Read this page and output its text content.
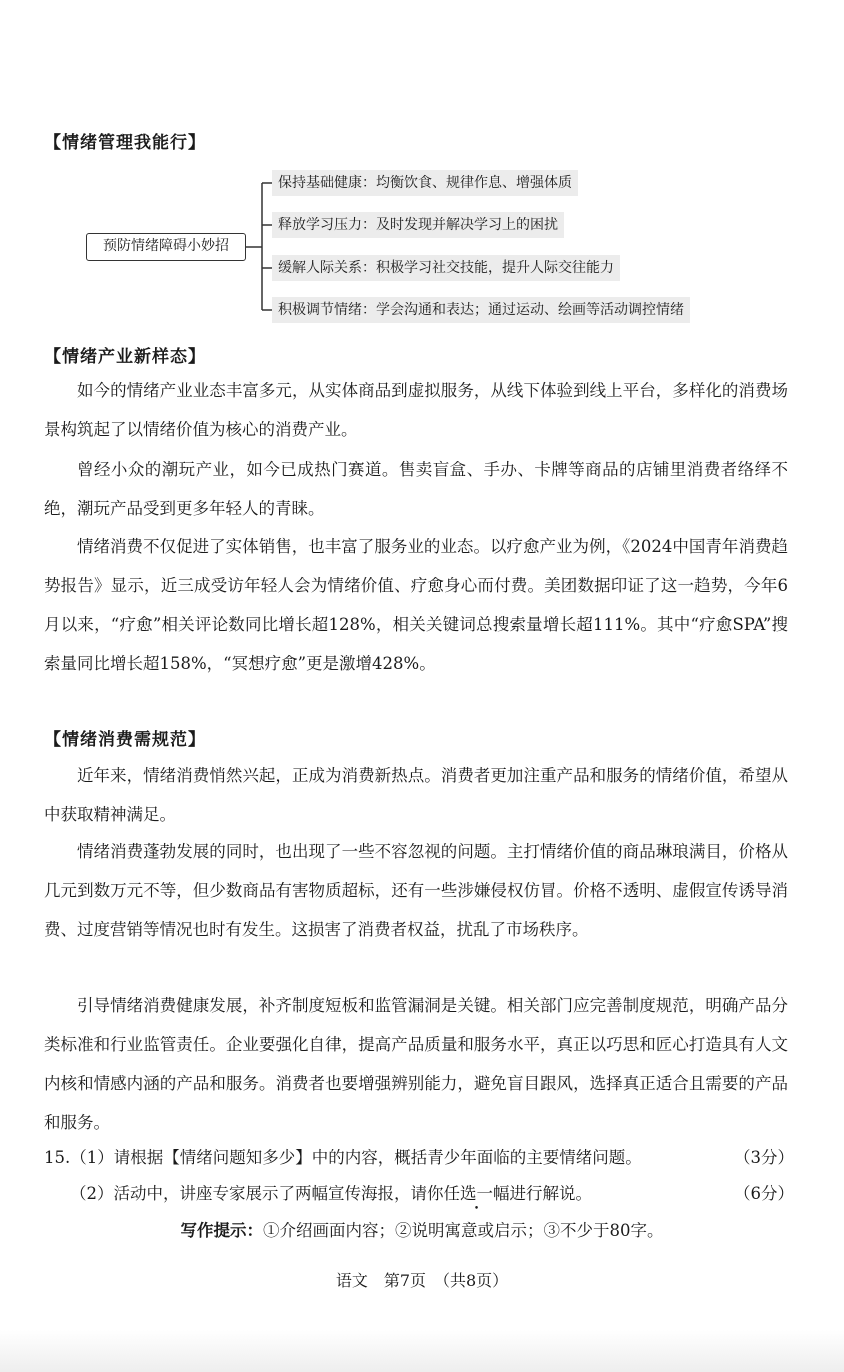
【情绪管理我能行】
预防情绪障碍小妙招
保持基础健康：均衡饮食、规律作息、增强体质
释放学习压力：及时发现并解决学习上的困扰
缓解人际关系：积极学习社交技能，提升人际交往能力
积极调节情绪：学会沟通和表达；通过运动、绘画等活动调控情绪
【情绪产业新样态】

如今的情绪产业业态丰富多元，从实体商品到虚拟服务，从线下体验到线上平台，多样化的消费场景构筑起了以情绪价值为核心的消费产业。

曾经小众的潮玩产业，如今已成热门赛道。售卖盲盒、手办、卡牌等商品的店铺里消费者络绎不绝，潮玩产品受到更多年轻人的青睐。

情绪消费不仅促进了实体销售，也丰富了服务业的业态。以疗愈产业为例，《2024中国青年消费趋势报告》显示，近三成受访年轻人会为情绪价值、疗愈身心而付费。美团数据印证了这一趋势，今年6月以来，“疗愈”相关评论数同比增长超128%，相关关键词总搜索量增长超111%。其中“疗愈SPA”搜索量同比增长超158%，“冥想疗愈”更是激增428%。

【情绪消费需规范】

近年来，情绪消费悄然兴起，正成为消费新热点。消费者更加注重产品和服务的情绪价值，希望从中获取精神满足。

情绪消费蓬勃发展的同时，也出现了一些不容忽视的问题。主打情绪价值的商品琳琅满目，价格从几元到数万元不等，但少数商品有害物质超标，还有一些涉嫌侵权仿冒。价格不透明、虚假宣传诱导消费、过度营销等情况也时有发生。这损害了消费者权益，扰乱了市场秩序。

引导情绪消费健康发展，补齐制度短板和监管漏洞是关键。相关部门应完善制度规范，明确产品分类标准和行业监管责任。企业要强化自律，提高产品质量和服务水平，真正以巧思和匠心打造具有人文内核和情感内涵的产品和服务。消费者也要增强辨别能力，避免盲目跟风，选择真正适合且需要的产品和服务。

15.（1）请根据【情绪问题知多少】中的内容，概括青少年面临的主要情绪问题。	（3分）
（2）活动中，讲座专家展示了两幅宣传海报，请你任选一幅进行解说。	（6分）
写作提示：①介绍画面内容；②说明寓意或启示；③不少于80字。
语文　第7页　（共8页）
